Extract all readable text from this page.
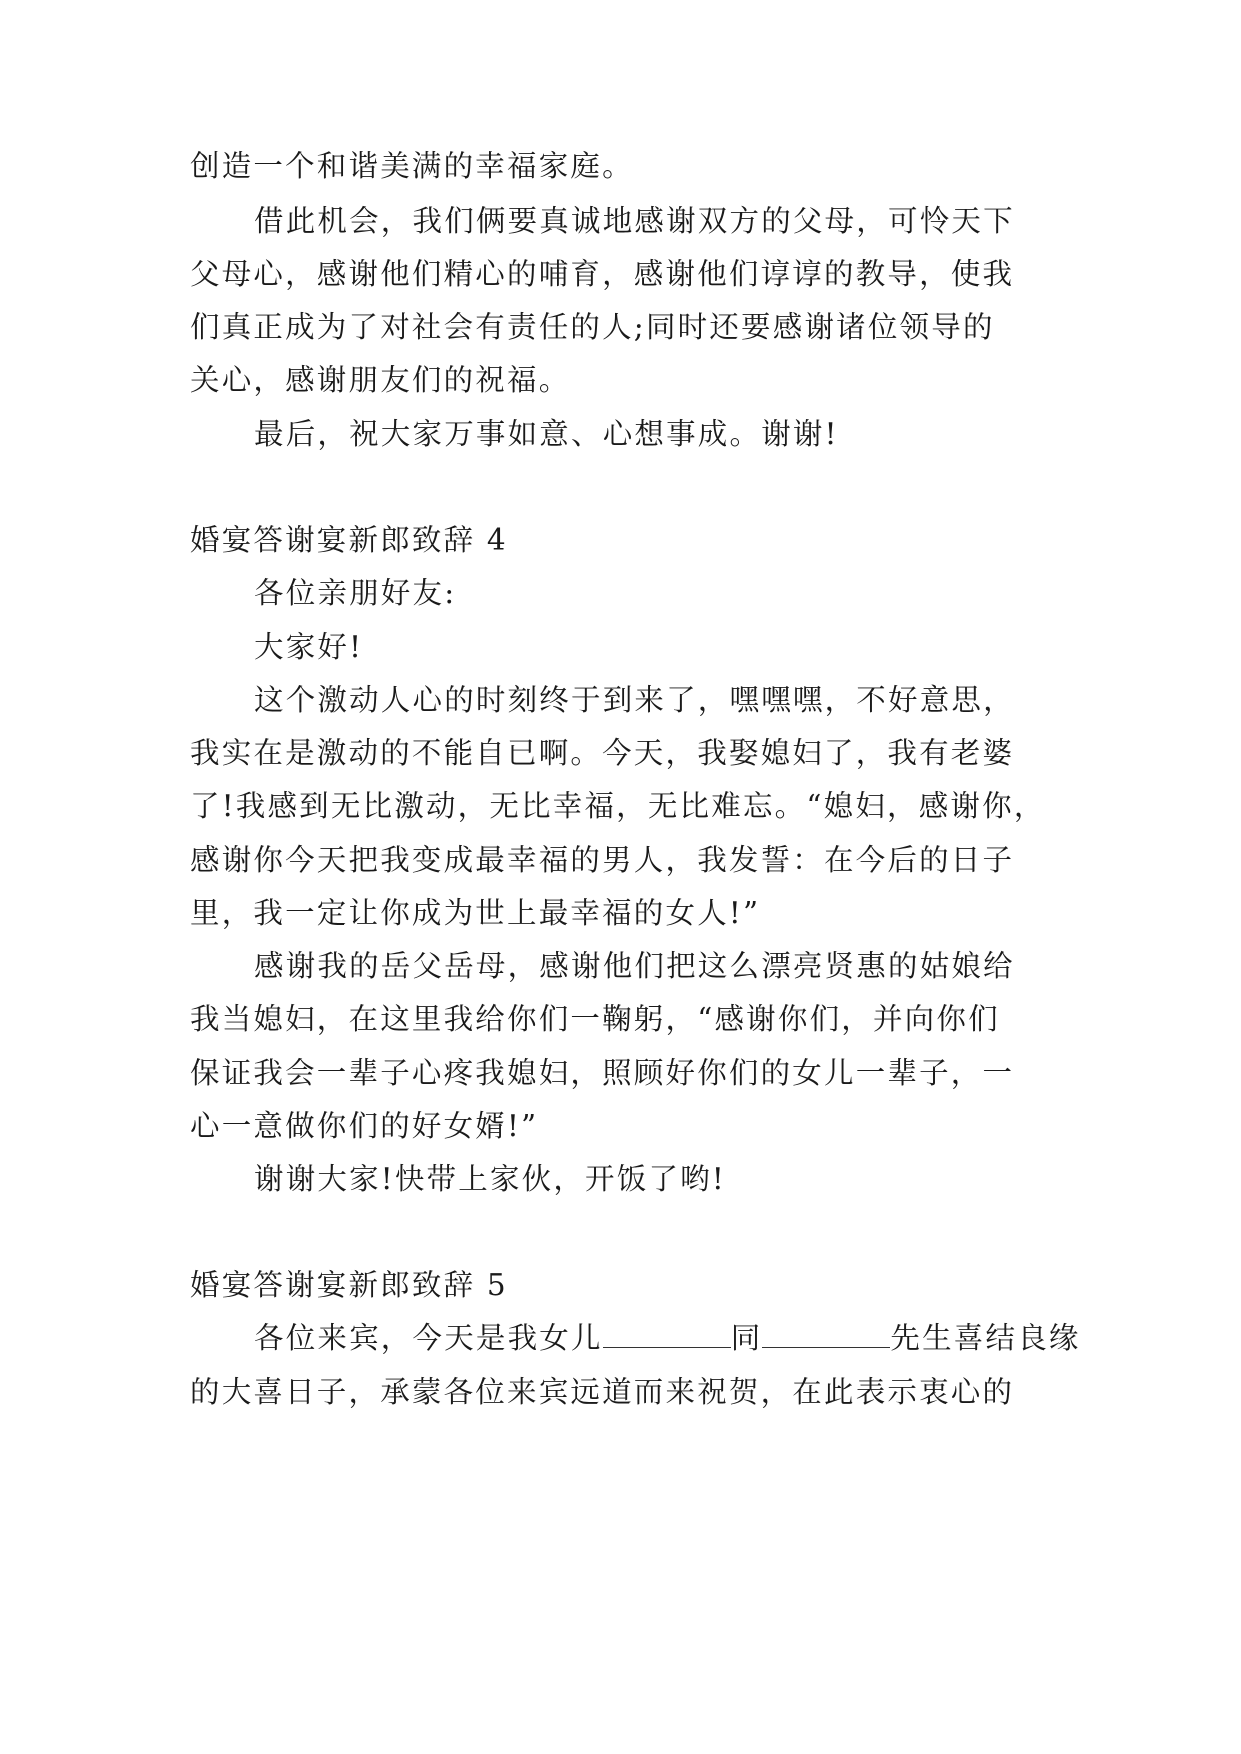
创造一个和谐美满的幸福家庭。
借此机会，我们俩要真诚地感谢双方的父母，可怜天下
父母心，感谢他们精心的哺育，感谢他们谆谆的教导，使我
们真正成为了对社会有责任的人;同时还要感谢诸位领导的
关心，感谢朋友们的祝福。
最后，祝大家万事如意、心想事成。谢谢!
婚宴答谢宴新郎致辞 4
各位亲朋好友:
大家好!
这个激动人心的时刻终于到来了，嘿嘿嘿，不好意思，
我实在是激动的不能自已啊。今天，我娶媳妇了，我有老婆
了!我感到无比激动，无比幸福，无比难忘。“媳妇，感谢你，
感谢你今天把我变成最幸福的男人，我发誓：在今后的日子
里，我一定让你成为世上最幸福的女人!”
感谢我的岳父岳母，感谢他们把这么漂亮贤惠的姑娘给
我当媳妇，在这里我给你们一鞠躬，“感谢你们，并向你们
保证我会一辈子心疼我媳妇，照顾好你们的女儿一辈子，一
心一意做你们的好女婿!”
谢谢大家!快带上家伙，开饭了哟!
婚宴答谢宴新郎致辞 5
各位来宾，今天是我女儿	同	先生喜结良缘
的大喜日子，承蒙各位来宾远道而来祝贺，在此表示衷心的
